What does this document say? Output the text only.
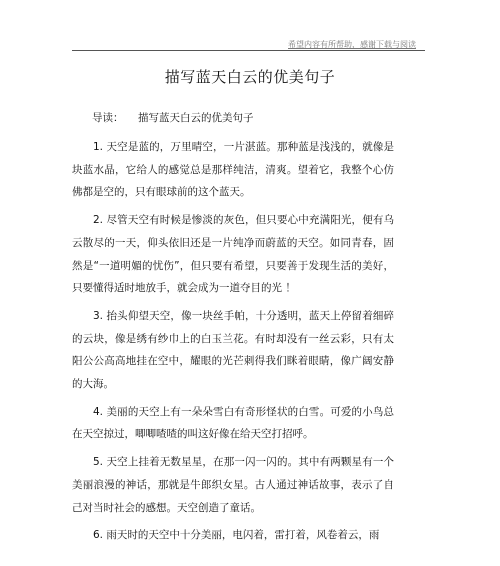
希望内容有所帮助，感谢下载与阅读
描写蓝天白云的优美句子
导读： 描写蓝天白云的优美句子

1. 天空是蓝的，万里晴空，一片湛蓝。那种蓝是浅浅的，就像是块蓝水晶，它给人的感觉总是那样纯洁，清爽。望着它，我整个心仿佛都是空的，只有眼球前的这个蓝天。

2. 尽管天空有时候是惨淡的灰色，但只要心中充满阳光，便有乌云散尽的一天，仰头依旧还是一片纯净而蔚蓝的天空。如同青春，固然是“一道明媚的忧伤”，但只要有希望，只要善于发现生活的美好，只要懂得适时地放手，就会成为一道夺目的光 ！

3. 抬头仰望天空，像一块丝手帕，十分透明，蓝天上停留着细碎的云块，像是绣有纱巾上的白玉兰花。有时却没有一丝云彩，只有太阳公公高高地挂在空中，耀眼的光芒刺得我们眯着眼睛，像广阔安静的大海。

4. 美丽的天空上有一朵朵雪白有奇形怪状的白雪。可爱的小鸟总在天空掠过，唧唧喳喳的叫这好像在给天空打招呼。

5. 天空上挂着无数星星，在那一闪一闪的。其中有两颗星有一个美丽浪漫的神话，那就是牛郎织女星。古人通过神话故事，表示了自己对当时社会的感想。天空创造了童话。

6. 雨天时的天空中十分美丽，电闪着，雷打着，风卷着云，雨
